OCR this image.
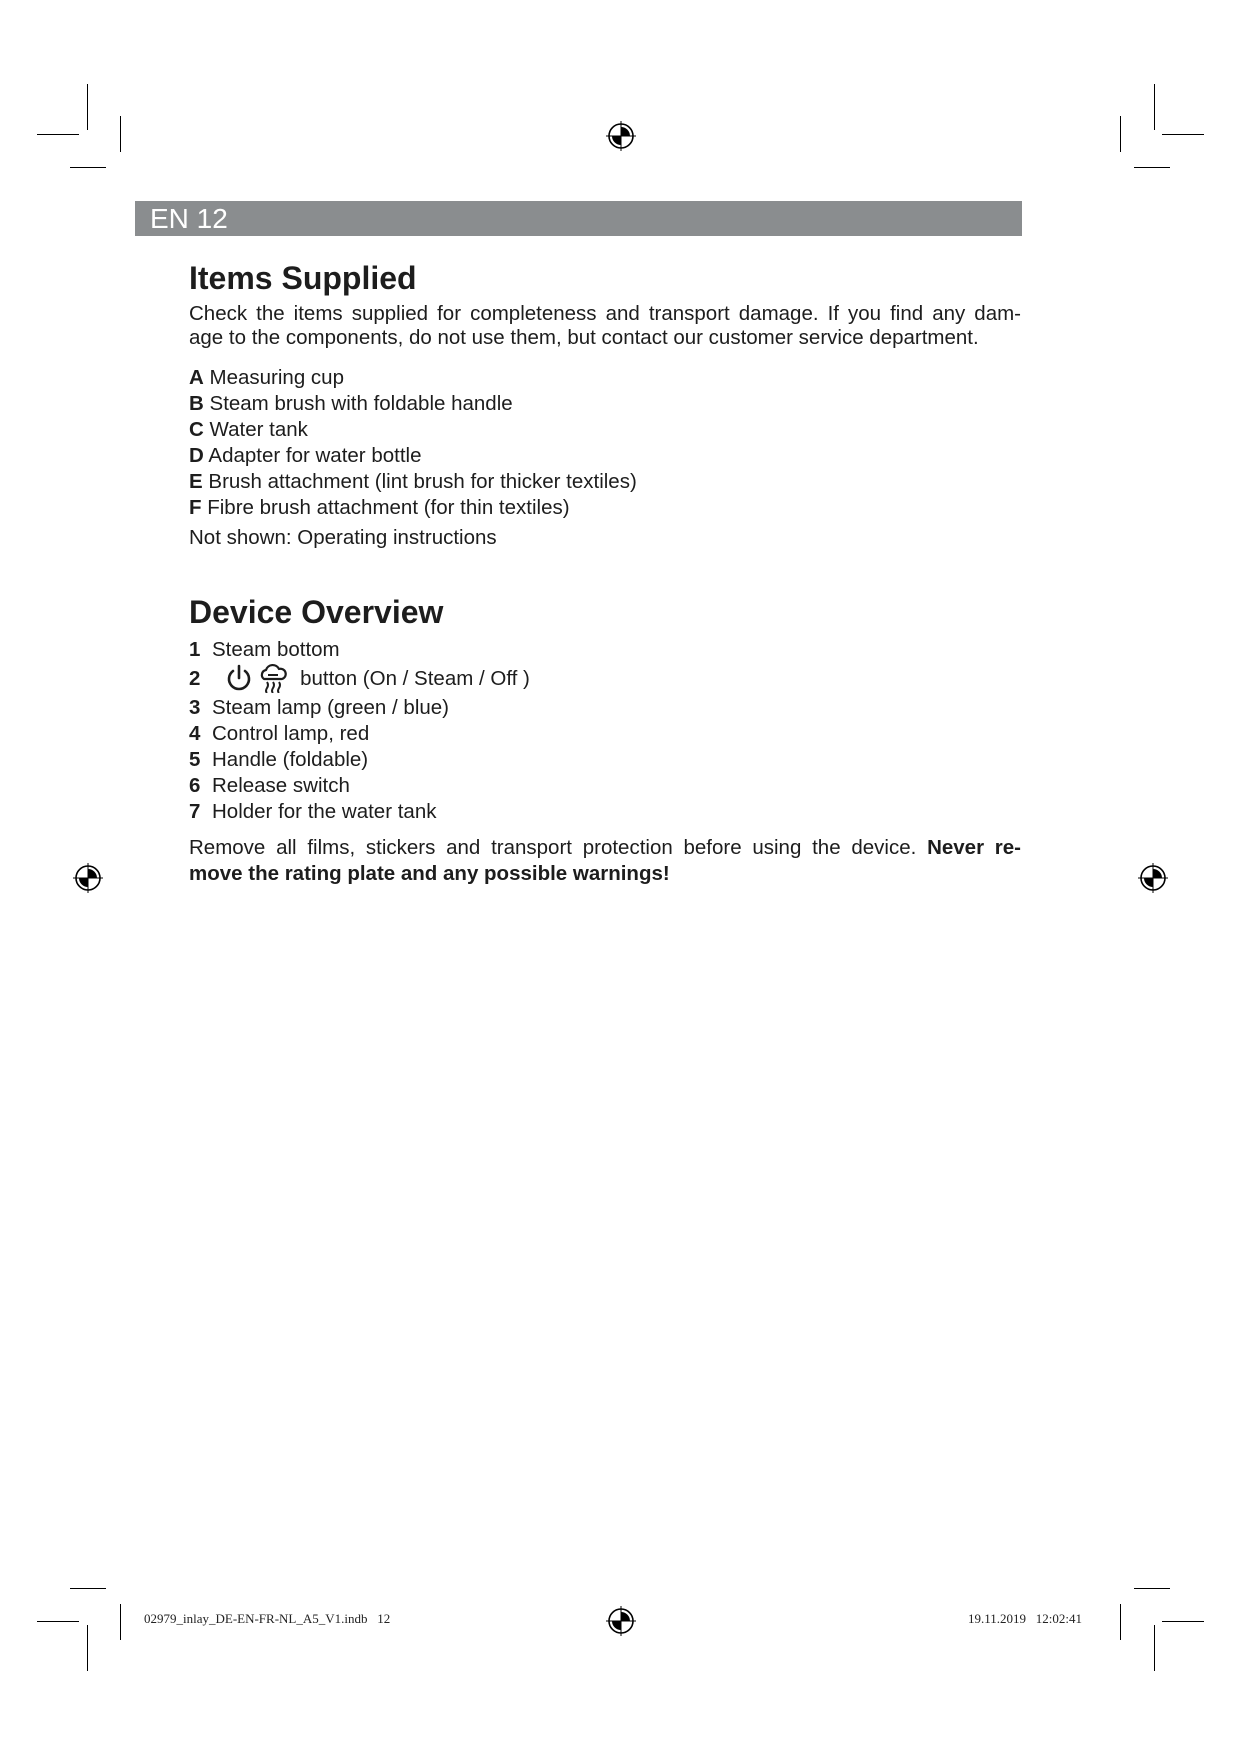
EN 12
Items Supplied
Check the items supplied for completeness and transport damage. If you find any dam-
age to the components, do not use them, but contact our customer service department.
A Measuring cup
B Steam brush with foldable handle
C Water tank
D Adapter for water bottle
E Brush attachment (lint brush for thicker textiles)
F Fibre brush attachment (for thin textiles)
Not shown: Operating instructions
Device Overview
1 Steam bottom
2	button (On / Steam / Off )
3 Steam lamp (green / blue)
4 Control lamp, red
5 Handle (foldable)
6 Release switch
7 Holder for the water tank
Remove all films, stickers and transport protection before using the device. Never re-
move the rating plate and any possible warnings!
02979_inlay_DE-EN-FR-NL_A5_V1.indb   12	19.11.2019   12:02:41
